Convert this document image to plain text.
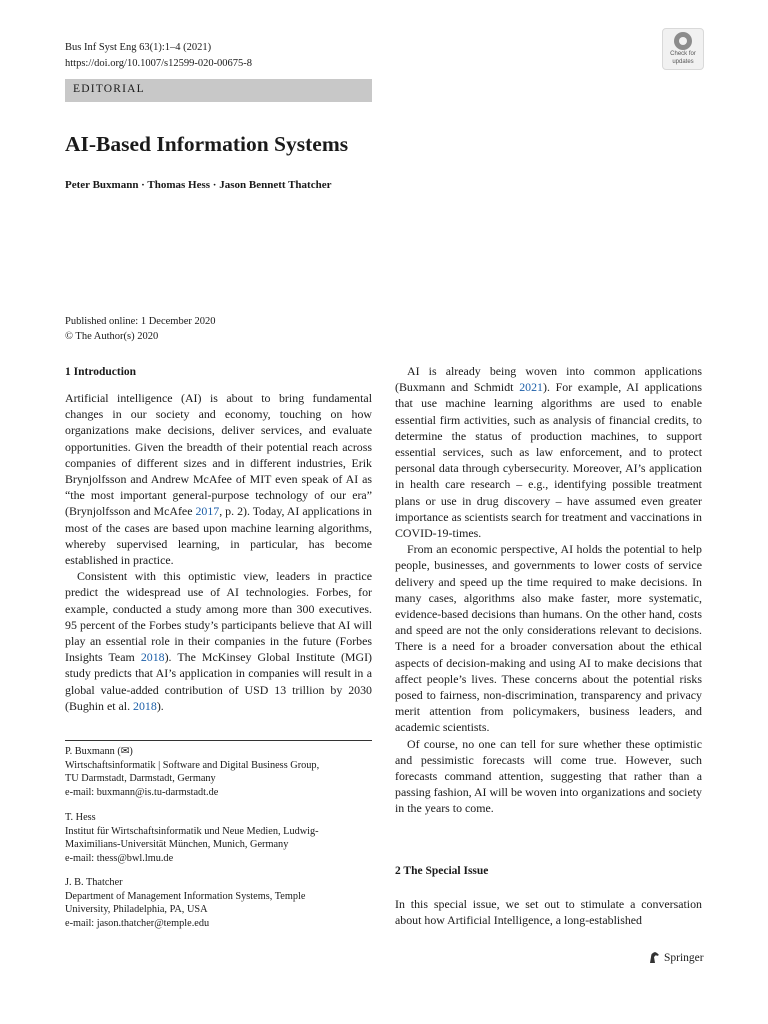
Bus Inf Syst Eng 63(1):1–4 (2021)
https://doi.org/10.1007/s12599-020-00675-8
Check for
updates
EDITORIAL
AI-Based Information Systems
Peter Buxmann · Thomas Hess · Jason Bennett Thatcher
Published online: 1 December 2020
© The Author(s) 2020
1 Introduction

Artificial intelligence (AI) is about to bring fundamental changes in our society and economy, touching on how organizations make decisions, deliver services, and evaluate opportunities. Given the breadth of their potential reach across companies of different sizes and in different industries, Erik Brynjolfsson and Andrew McAfee of MIT even speak of AI as “the most important general-purpose technology of our era” (Brynjolfsson and McAfee 2017, p. 2). Today, AI applications in most of the cases are based upon machine learning algorithms, whereby supervised learning, in particular, has become established in practice.

Consistent with this optimistic view, leaders in practice predict the widespread use of AI technologies. Forbes, for example, conducted a study among more than 300 executives. 95 percent of the Forbes study’s participants believe that AI will play an essential role in their companies in the future (Forbes Insights Team 2018). The McKinsey Global Institute (MGI) study predicts that AI’s application in companies will result in a global value-added contribution of USD 13 trillion by 2030 (Bughin et al. 2018).

P. Buxmann (✉)
Wirtschaftsinformatik | Software and Digital Business Group,
TU Darmstadt, Darmstadt, Germany
e-mail: buxmann@is.tu-darmstadt.de
T. Hess
Institut für Wirtschaftsinformatik und Neue Medien, Ludwig-
Maximilians-Universität München, Munich, Germany
e-mail: thess@bwl.lmu.de
J. B. Thatcher
Department of Management Information Systems, Temple
University, Philadelphia, PA, USA
e-mail: jason.thatcher@temple.edu

AI is already being woven into common applications (Buxmann and Schmidt 2021). For example, AI applications that use machine learning algorithms are used to enable essential firm activities, such as analysis of financial credits, to determine the status of production machines, to support essential services, such as law enforcement, and to protect personal data through cybersecurity. Moreover, AI’s application in health care research – e.g., identifying possible treatment plans or use in drug discovery – have assumed even greater importance as scientists search for treatment and vaccinations in COVID-19-times.

From an economic perspective, AI holds the potential to help people, businesses, and governments to lower costs of service delivery and speed up the time required to make decisions. In many cases, algorithms also make faster, more systematic, evidence-based decisions than humans. On the other hand, costs and speed are not the only considerations relevant to decisions. There is a need for a broader conversation about the ethical aspects of decision-making and using AI to make decisions that affect people’s lives. These concerns about the potential risks posed to fairness, non-discrimination, transparency and privacy merit attention from policymakers, business leaders, and academic scientists.

Of course, no one can tell for sure whether these optimistic and pessimistic forecasts will come true. However, such forecasts command attention, suggesting that rather than a passing fashion, AI will be woven into organizations and society in the years to come.

2 The Special Issue

In this special issue, we set out to stimulate a conversation about how Artificial Intelligence, a long-established

Springer
